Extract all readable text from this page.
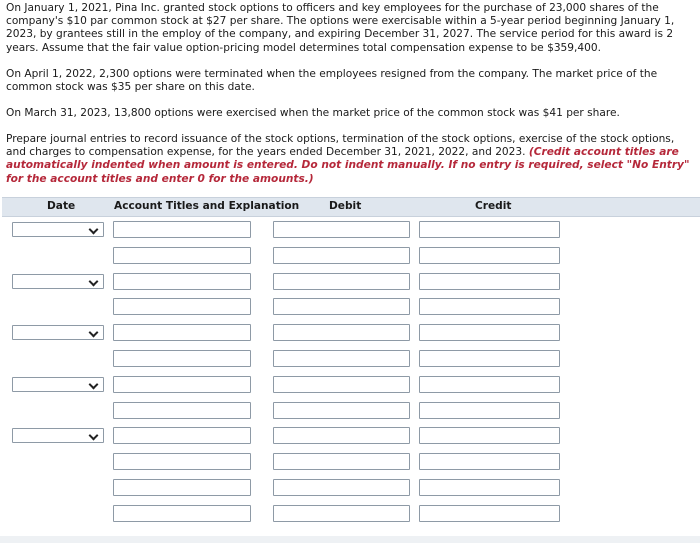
On January 1, 2021, Pina Inc. granted stock options to officers and key employees for the purchase of 23,000 shares of the company's $10 par common stock at $27 per share. The options were exercisable within a 5-year period beginning January 1, 2023, by grantees still in the employ of the company, and expiring December 31, 2027. The service period for this award is 2 years. Assume that the fair value option-pricing model determines total compensation expense to be $359,400.
On April 1, 2022, 2,300 options were terminated when the employees resigned from the company. The market price of the common stock was $35 per share on this date.
On March 31, 2023, 13,800 options were exercised when the market price of the common stock was $41 per share.
Prepare journal entries to record issuance of the stock options, termination of the stock options, exercise of the stock options, and charges to compensation expense, for the years ended December 31, 2021, 2022, and 2023. (Credit account titles are automatically indented when amount is entered. Do not indent manually. If no entry is required, select "No Entry" for the account titles and enter 0 for the amounts.)
Date	Account Titles and Explanation	Debit	Credit
